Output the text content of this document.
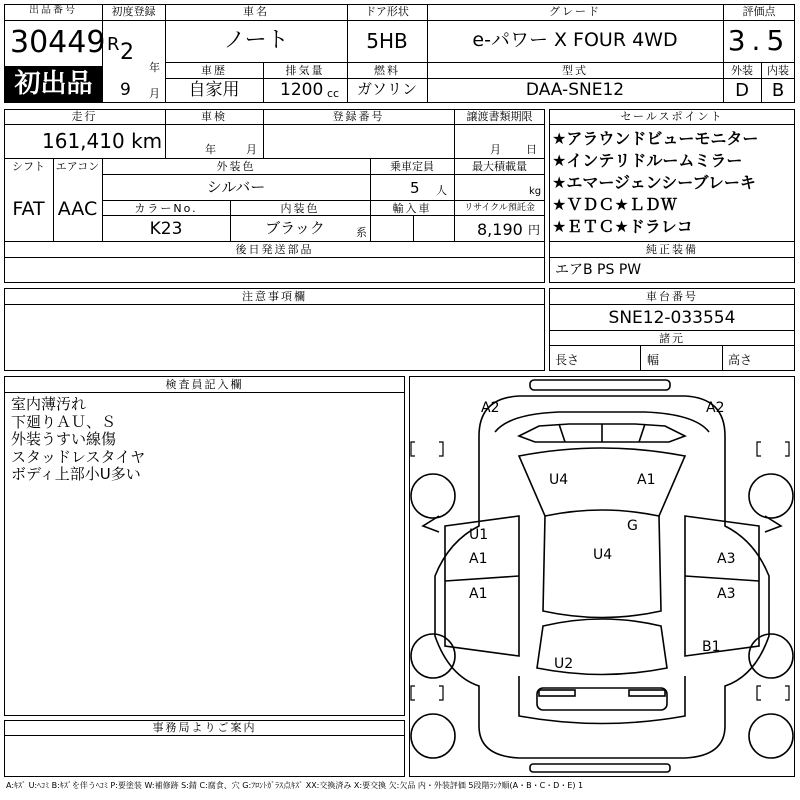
出品番号
30449
初出品
初度登録
R 2
年
9 月
車名
ノート
ドア形状
5HB
グレード
e-パワー X FOUR 4WD
評価点
3.5
外装	内装
D	B
車歴
自家用
排気量
1200 cc
燃料
ガソリン
型式
DAA-SNE12
走行
161,410 km
車検
年	月
登録番号	譲渡書類期限
月 日
シフト エアコン
FAT AAC
外装色
シルバー
乗車定員
5 人
最大積載量
kg
カラーNo.
K23
内装色
ブラック	系
輸入車	リサイクル預託金
8,190 円
後日発送部品
セールスポイント
★アラウンドビューモニター
★インテリドルームミラー
★エマージェンシーブレーキ
★ＶＤＣ★ＬＤＷ
★ＥＴＣ★ドラレコ
純正装備
エアB PS PW
注意事項欄	車台番号
SNE12-033554
諸元
長さ	幅	高さ
検査員記入欄
室内薄汚れ
下廻りＡＵ、Ｓ
外装うすい線傷
スタッドレスタイヤ
ボディ上部小U多い
事務局よりご案内
A2	A2
U4	A1
U1
A1
G
U4	A3
A1	A3
B1
U2
A:ｷｽﾞ U:ﾍｺﾐ B:ｷｽﾞを伴うﾍｺﾐ P:要塗装 W:補修跡 S:錆 C:腐食、穴 G:ﾌﾛﾝﾄｶﾞﾗｽ点ｷｽﾞ XX:交換済み X:要交換 欠:欠品 内・外装評価 5段階ﾗﾝｸ順(A・B・C・D・E) 1
